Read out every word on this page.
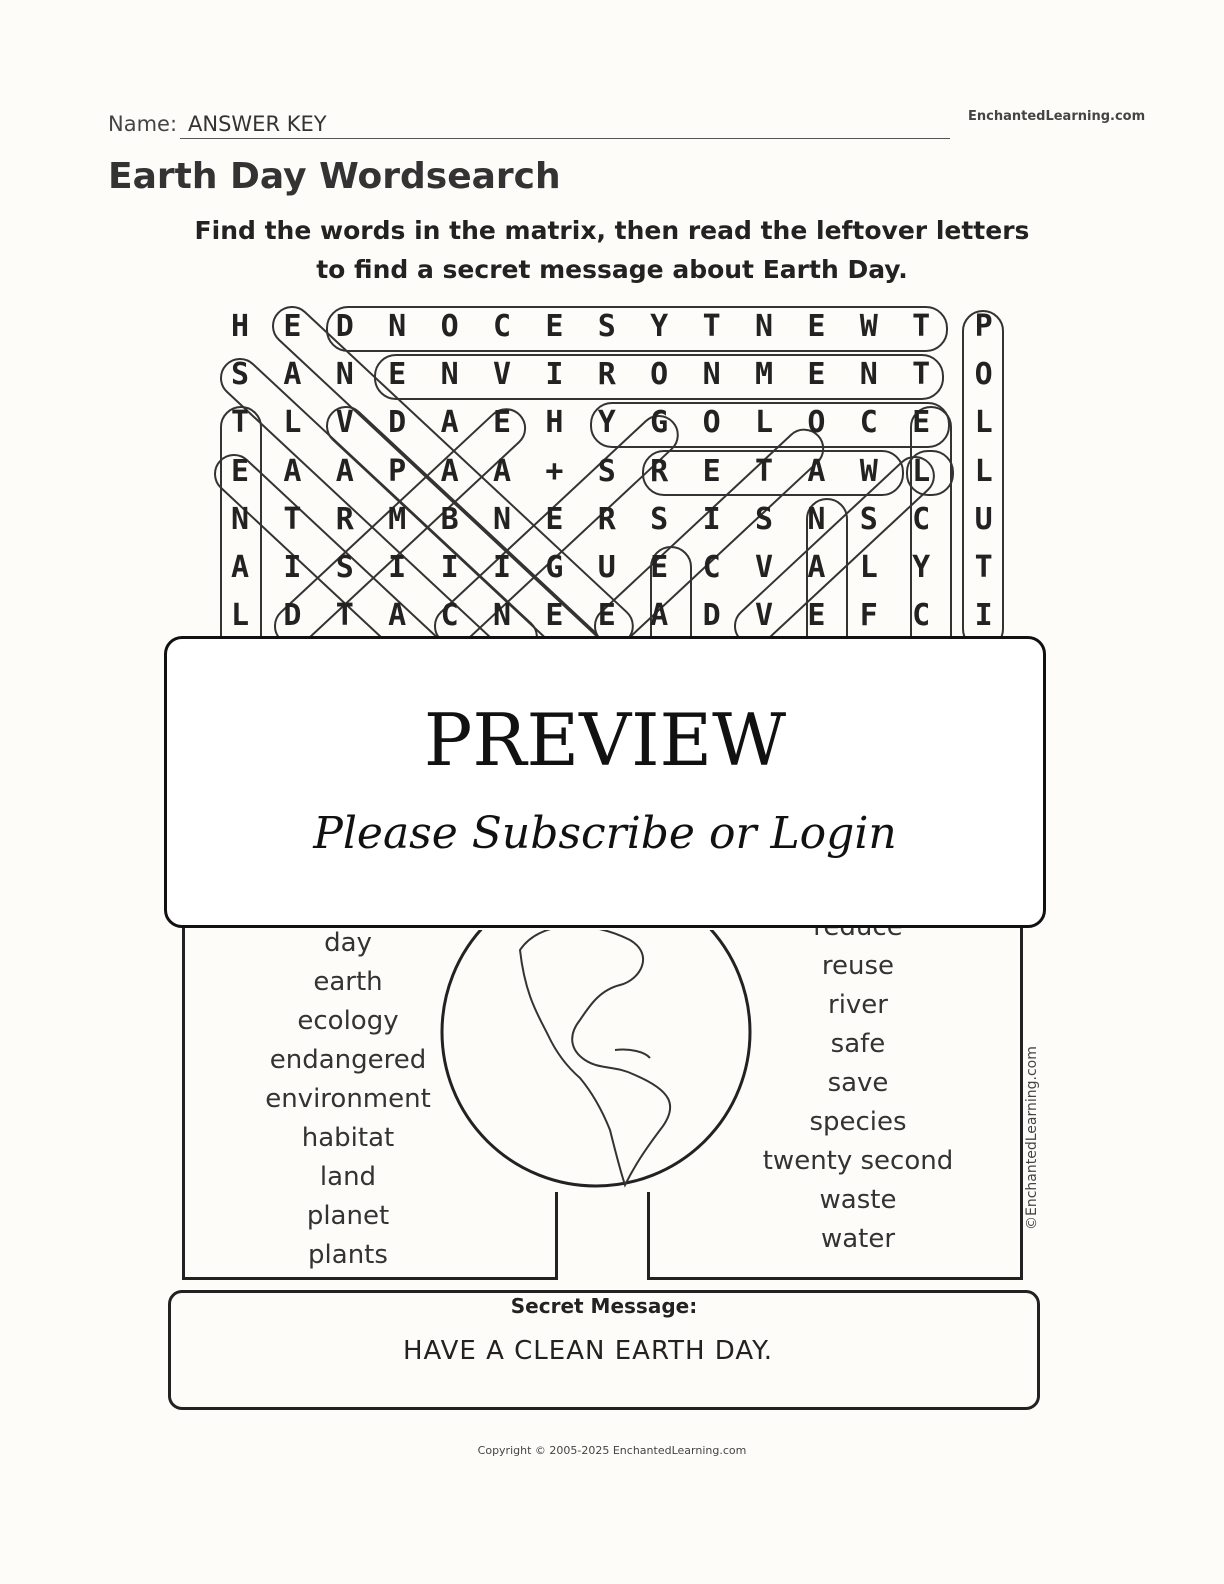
Name: ANSWER KEY	EnchantedLearning.com
Earth Day Wordsearch
Find the words in the matrix, then read the leftover letters
to find a secret message about Earth Day.
H	E	D	N	O	C	E	S	Y	T	N	E	W	T	P
S	A	N	E	N	V	I	R	O	N	M	E	N	T	O
T	L	V	D	A	E	H	Y	G	O	L	O	C	E	L
E	A	A	P	A	A	+	S	R	E	T	A	W	L	L
N	T	R	M	B	N	E	R	S	I	S	N	S	C	U
A	I	S	I	I	I	G	U	E	C	V	A	L	Y	T
L	D	T	A	C	N	E	E	A	D	V	E	F	C	I
day
earth
ecology
endangered
environment
habitat
land
planet
plants
reuse
river
safe
save
species
twenty second
waste
water
©EnchantedLearning.com
Secret Message:
HAVE A CLEAN EARTH DAY.
Copyright © 2005-2025 EnchantedLearning.com
PREVIEW
Please Subscribe or Login
